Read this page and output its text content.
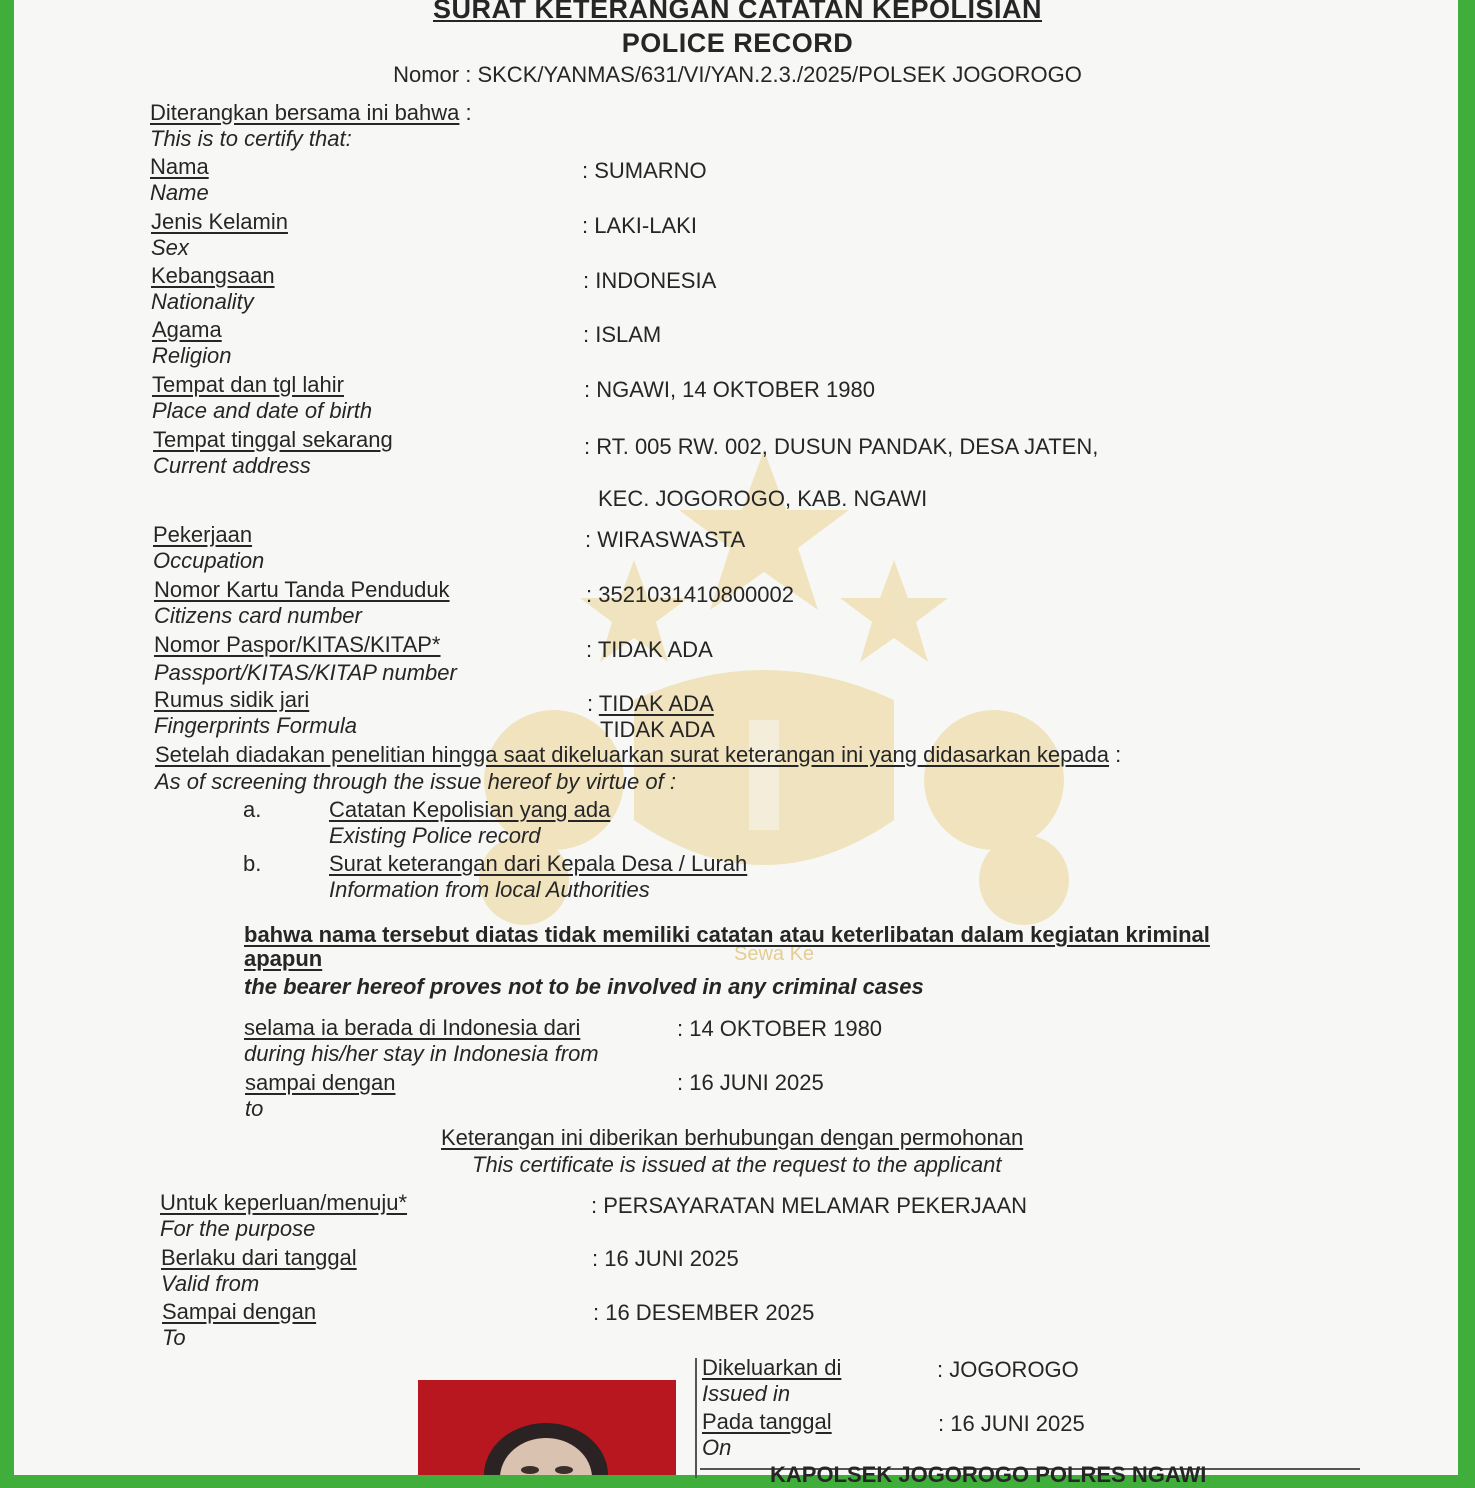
Sewa Ke
SURAT KETERANGAN CATATAN KEPOLISIAN
POLICE RECORD
Nomor : SKCK/YANMAS/631/VI/YAN.2.3./2025/POLSEK JOGOROGO
Diterangkan bersama ini bahwa :
This is to certify that:
Nama
Name
: SUMARNO
Jenis Kelamin
Sex
: LAKI-LAKI
Kebangsaan
Nationality
: INDONESIA
Agama
Religion
: ISLAM
Tempat dan tgl lahir
Place and date of birth
: NGAWI, 14 OKTOBER 1980
Tempat tinggal sekarang
Current address
: RT. 005 RW. 002, DUSUN PANDAK, DESA JATEN,
KEC. JOGOROGO, KAB. NGAWI
Pekerjaan
Occupation
: WIRASWASTA
Nomor Kartu Tanda Penduduk
Citizens card number
: 3521031410800002
Nomor Paspor/KITAS/KITAP*
Passport/KITAS/KITAP number
: TIDAK ADA
Rumus sidik jari
Fingerprints Formula
: TIDAK ADA
TIDAK ADA
Setelah diadakan penelitian hingga saat dikeluarkan surat keterangan ini yang didasarkan kepada :
As of screening through the issue hereof by virtue of :
a.	Catatan Kepolisian yang ada
Existing Police record
b.	Surat keterangan dari Kepala Desa / Lurah
Information from local Authorities
bahwa nama tersebut diatas tidak memiliki catatan atau keterlibatan dalam kegiatan kriminal
apapun
the bearer hereof proves not to be involved in any criminal cases
selama ia berada di Indonesia dari
during his/her stay in Indonesia from
: 14 OKTOBER 1980
sampai dengan
to
: 16 JUNI 2025
Keterangan ini diberikan berhubungan dengan permohonan
This certificate is issued at the request to the applicant
Untuk keperluan/menuju*
For the purpose
: PERSAYARATAN MELAMAR PEKERJAAN
Berlaku dari tanggal
Valid from
: 16 JUNI 2025
Sampai dengan
To
: 16 DESEMBER 2025
Dikeluarkan di
Issued in
: JOGOROGO
Pada tanggal
On
: 16 JUNI 2025
KAPOLSEK JOGOROGO POLRES NGAWI
